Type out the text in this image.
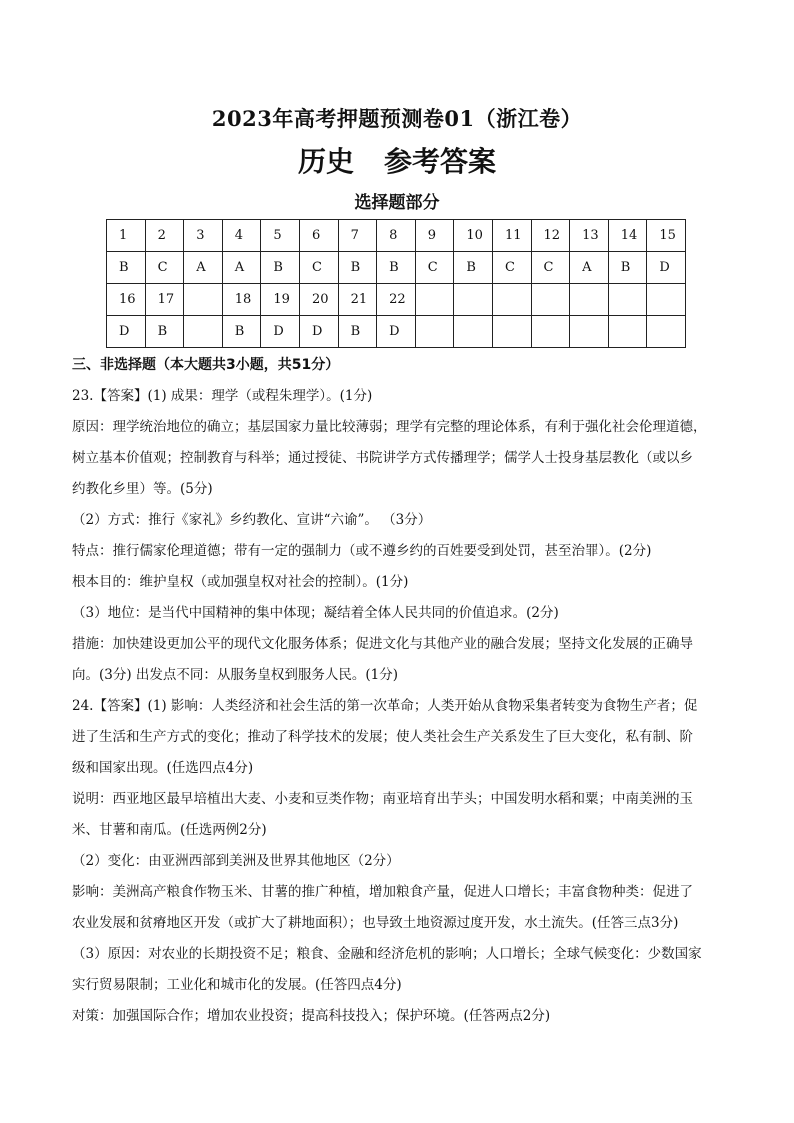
2023年高考押题预测卷01（浙江卷）
历史 参考答案
选择题部分
1	2	3	4	5	6	7	8	9	10	11	12	13	14	15
B	C	A	A	B	C	B	B	C	B	C	C	A	B	D
16	17		18	19	20	21	22							
D	B		B	D	D	B	D							
三、非选择题（本大题共3小题，共51分）
23.【答案】(1) 成果：理学（或程朱理学）。(1分)
原因：理学统治地位的确立；基层国家力量比较薄弱；理学有完整的理论体系，有利于强化社会伦理道德，
树立基本价值观；控制教育与科举；通过授徒、书院讲学方式传播理学；儒学人士投身基层教化（或以乡
约教化乡里）等。(5分)
（2）方式：推行《家礼》乡约教化、宣讲“六谕”。 （3分）
特点：推行儒家伦理道德；带有一定的强制力（或不遵乡约的百姓要受到处罚，甚至治罪）。(2分)
根本目的：维护皇权（或加强皇权对社会的控制）。(1分)
（3）地位：是当代中国精神的集中体现；凝结着全体人民共同的价值追求。(2分)
措施：加快建设更加公平的现代文化服务体系；促进文化与其他产业的融合发展；坚持文化发展的正确导
向。(3分) 出发点不同：从服务皇权到服务人民。(1分)
24.【答案】(1) 影响：人类经济和社会生活的第一次革命；人类开始从食物采集者转变为食物生产者；促
进了生活和生产方式的变化；推动了科学技术的发展；使人类社会生产关系发生了巨大变化，私有制、阶
级和国家出现。(任选四点4分)
说明：西亚地区最早培植出大麦、小麦和豆类作物；南亚培育出芋头；中国发明水稻和粟；中南美洲的玉
米、甘薯和南瓜。(任选两例2分)
（2）变化：由亚洲西部到美洲及世界其他地区（2分）
影响：美洲高产粮食作物玉米、甘薯的推广种植，增加粮食产量，促进人口增长；丰富食物种类：促进了
农业发展和贫瘠地区开发（或扩大了耕地面积）；也导致土地资源过度开发，水土流失。(任答三点3分)
（3）原因：对农业的长期投资不足；粮食、金融和经济危机的影响；人口增长；全球气候变化：少数国家
实行贸易限制；工业化和城市化的发展。(任答四点4分)
对策：加强国际合作；增加农业投资；提高科技投入；保护环境。(任答两点2分)
